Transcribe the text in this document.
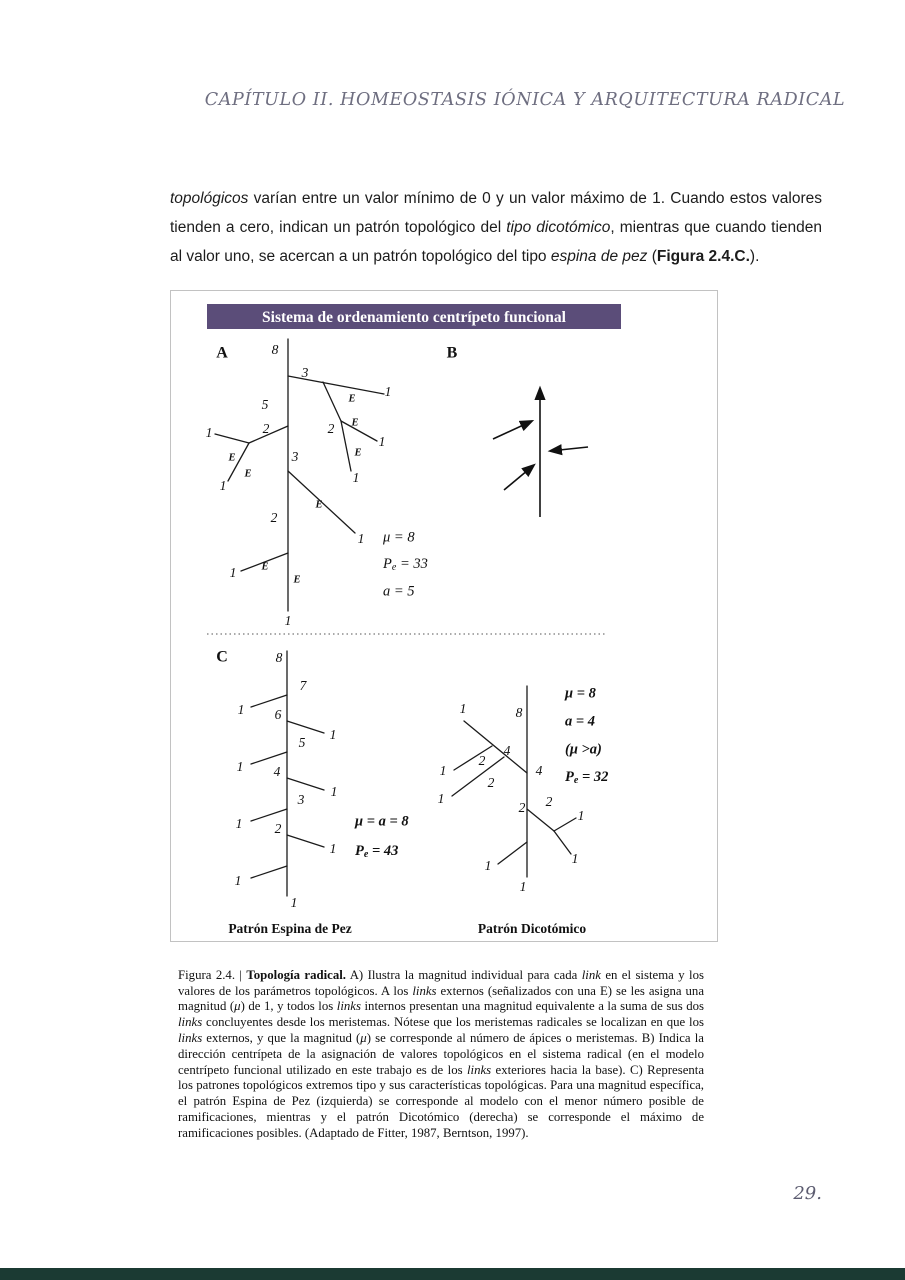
CAPÍTULO II. HOMEOSTASIS IÓNICA Y ARQUITECTURA RADICAL

topológicos varían entre un valor mínimo de 0 y un valor máximo de 1. Cuando estos valores tienden a cero, indican un patrón topológico del tipo dicotómico, mientras que cuando tienden al valor uno, se acercan a un patrón topológico del tipo espina de pez (Figura 2.4.C.).

Sistema de ordenamiento centrípeto funcional
A	8
3
5
2	2
3
2
1
1
1
1
1
1
1
1
E
E
E
E
E
E
E
E
μ = 8
$P_e = 33$
a = 5
B
C	8
7
6
5
4
3
2
1
1
1
1
1
1
1
1
μ = a = 8
$P_e = 43$
8
4
4
2
2
2 2
1
1
1
1
1
1
1
μ = 8
a = 4
(μ >a)
$P_e = 32$
Patrón Espina de Pez	Patrón Dicotómico

Figura 2.4. | Topología radical. A) Ilustra la magnitud individual para cada link en el sistema y los valores de los parámetros topológicos. A los links externos (señalizados con una E) se les asigna una magnitud (μ) de 1, y todos los links internos presentan una magnitud equivalente a la suma de sus dos links concluyentes desde los meristemas. Nótese que los meristemas radicales se localizan en que los links externos, y que la magnitud (μ) se corresponde al número de ápices o meristemas. B) Indica la dirección centrípeta de la asignación de valores topológicos en el sistema radical (en el modelo centrípeto funcional utilizado en este trabajo es de los links exteriores hacia la base). C) Representa los patrones topológicos extremos tipo y sus características topológicas. Para una magnitud específica, el patrón Espina de Pez (izquierda) se corresponde al modelo con el menor número posible de ramificaciones, mientras y el patrón Dicotómico (derecha) se corresponde el máximo de ramificaciones posibles. (Adaptado de Fitter, 1987, Berntson, 1997).

29.
